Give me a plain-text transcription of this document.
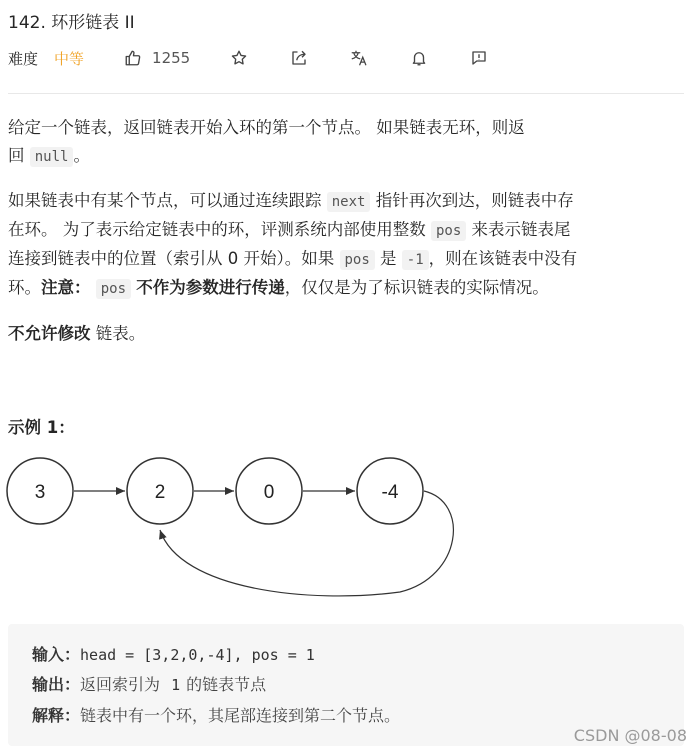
142. 环形链表 II
难度 中等	1255
给定一个链表，返回链表开始入环的第一个节点。 如果链表无环，则返
回 null 。
如果链表中有某个节点，可以通过连续跟踪 next 指针再次到达，则链表中存
在环。 为了表示给定链表中的环，评测系统内部使用整数 pos 来表示链表尾
连接到链表中的位置（索引从 0 开始）。如果 pos 是 -1 ，则在该链表中没有
环。注意： pos 不作为参数进行传递，仅仅是为了标识链表的实际情况。
不允许修改 链表。
示例 1：
3	2	0	-4
输入：head = [3,2,0,-4], pos = 1
输出：返回索引为 1 的链表节点
解释：链表中有一个环，其尾部连接到第二个节点。
CSDN @08-08
